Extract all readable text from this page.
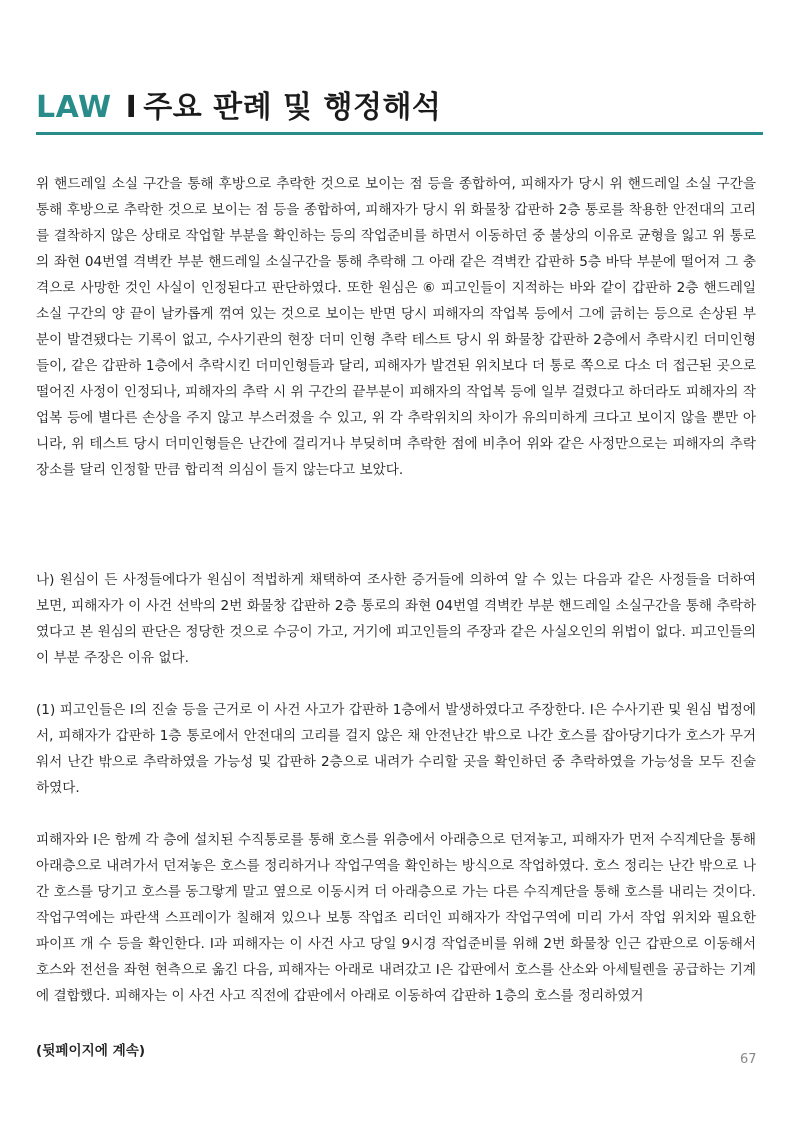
LAW I 주요 판례 및 행정해석

위 핸드레일 소실 구간을 통해 후방으로 추락한 것으로 보이는 점 등을 종합하여, 피해자가 당시 위 핸드레일 소실 구간을 통해 후방으로 추락한 것으로 보이는 점 등을 종합하여, 피해자가 당시 위 화물창 갑판하 2층 통로를 착용한 안전대의 고리를 결착하지 않은 상태로 작업할 부분을 확인하는 등의 작업준비를 하면서 이동하던 중 불상의 이유로 균형을 잃고 위 통로의 좌현 04번열 격벽칸 부분 핸드레일 소실구간을 통해 추락해 그 아래 같은 격벽칸 갑판하 5층 바닥 부분에 떨어져 그 충격으로 사망한 것인 사실이 인정된다고 판단하였다. 또한 원심은 ⑥ 피고인들이 지적하는 바와 같이 갑판하 2층 핸드레일 소실 구간의 양 끝이 날카롭게 꺾여 있는 것으로 보이는 반면 당시 피해자의 작업복 등에서 그에 긁히는 등으로 손상된 부분이 발견됐다는 기록이 없고, 수사기관의 현장 더미 인형 추락 테스트 당시 위 화물창 갑판하 2층에서 추락시킨 더미인형들이, 같은 갑판하 1층에서 추락시킨 더미인형들과 달리, 피해자가 발견된 위치보다 더 통로 쪽으로 다소 더 접근된 곳으로 떨어진 사정이 인정되나, 피해자의 추락 시 위 구간의 끝부분이 피해자의 작업복 등에 일부 걸렸다고 하더라도 피해자의 작업복 등에 별다른 손상을 주지 않고 부스러졌을 수 있고, 위 각 추락위치의 차이가 유의미하게 크다고 보이지 않을 뿐만 아니라, 위 테스트 당시 더미인형들은 난간에 걸리거나 부딪히며 추락한 점에 비추어 위와 같은 사정만으로는 피해자의 추락장소를 달리 인정할 만큼 합리적 의심이 들지 않는다고 보았다.

나) 원심이 든 사정들에다가 원심이 적법하게 채택하여 조사한 증거들에 의하여 알 수 있는 다음과 같은 사정들을 더하여 보면, 피해자가 이 사건 선박의 2번 화물창 갑판하 2층 통로의 좌현 04번열 격벽칸 부분 핸드레일 소실구간을 통해 추락하였다고 본 원심의 판단은 정당한 것으로 수긍이 가고, 거기에 피고인들의 주장과 같은 사실오인의 위법이 없다. 피고인들의 이 부분 주장은 이유 없다.

(1) 피고인들은 I의 진술 등을 근거로 이 사건 사고가 갑판하 1층에서 발생하였다고 주장한다. I은 수사기관 및 원심 법정에서, 피해자가 갑판하 1층 통로에서 안전대의 고리를 걸지 않은 채 안전난간 밖으로 나간 호스를 잡아당기다가 호스가 무거워서 난간 밖으로 추락하였을 가능성 및 갑판하 2층으로 내려가 수리할 곳을 확인하던 중 추락하였을 가능성을 모두 진술하였다.

피해자와 I은 함께 각 층에 설치된 수직통로를 통해 호스를 위층에서 아래층으로 던져놓고, 피해자가 먼저 수직계단을 통해 아래층으로 내려가서 던져놓은 호스를 정리하거나 작업구역을 확인하는 방식으로 작업하였다. 호스 정리는 난간 밖으로 나간 호스를 당기고 호스를 동그랗게 말고 옆으로 이동시켜 더 아래층으로 가는 다른 수직계단을 통해 호스를 내리는 것이다. 작업구역에는 파란색 스프레이가 칠해져 있으나 보통 작업조 리더인 피해자가 작업구역에 미리 가서 작업 위치와 필요한 파이프 개 수 등을 확인한다. I과 피해자는 이 사건 사고 당일 9시경 작업준비를 위해 2번 화물창 인근 갑판으로 이동해서 호스와 전선을 좌현 현측으로 옮긴 다음, 피해자는 아래로 내려갔고 I은 갑판에서 호스를 산소와 아세틸렌을 공급하는 기계에 결합했다. 피해자는 이 사건 사고 직전에 갑판에서 아래로 이동하여 갑판하 1층의 호스를 정리하였거

(뒷페이지에 계속)
67
